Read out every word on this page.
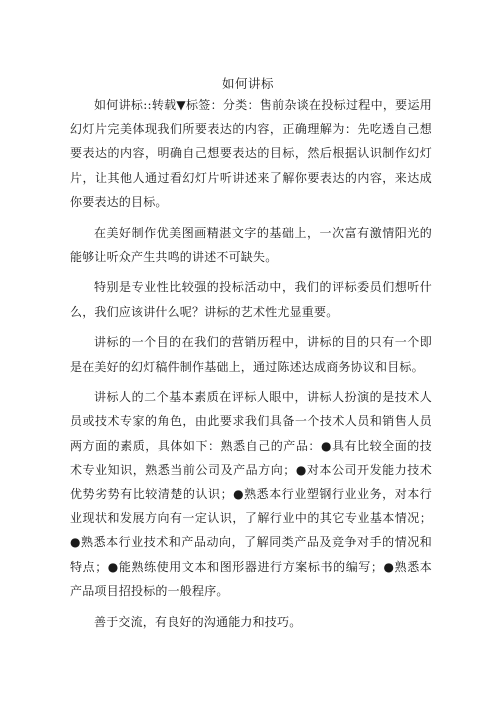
如何讲标

如何讲标::转载▼标签：分类：售前杂谈在投标过程中，要运用幻灯片完美体现我们所要表达的内容，正确理解为：先吃透自己想要表达的内容，明确自己想要表达的目标，然后根据认识制作幻灯片，让其他人通过看幻灯片听讲述来了解你要表达的内容，来达成你要表达的目标。

在美好制作优美图画精湛文字的基础上，一次富有激情阳光的能够让听众产生共鸣的讲述不可缺失。

特别是专业性比较强的投标活动中，我们的评标委员们想听什么，我们应该讲什么呢？讲标的艺术性尤显重要。

讲标的一个目的在我们的营销历程中，讲标的目的只有一个即是在美好的幻灯稿件制作基础上，通过陈述达成商务协议和目标。

讲标人的二个基本素质在评标人眼中，讲标人扮演的是技术人员或技术专家的角色，由此要求我们具备一个技术人员和销售人员两方面的素质，具体如下：熟悉自己的产品：●具有比较全面的技术专业知识，熟悉当前公司及产品方向；●对本公司开发能力技术优势劣势有比较清楚的认识；●熟悉本行业塑钢行业业务，对本行业现状和发展方向有一定认识，了解行业中的其它专业基本情况；●熟悉本行业技术和产品动向，了解同类产品及竞争对手的情况和特点；●能熟练使用文本和图形器进行方案标书的编写；●熟悉本产品项目招投标的一般程序。

善于交流，有良好的沟通能力和技巧。
